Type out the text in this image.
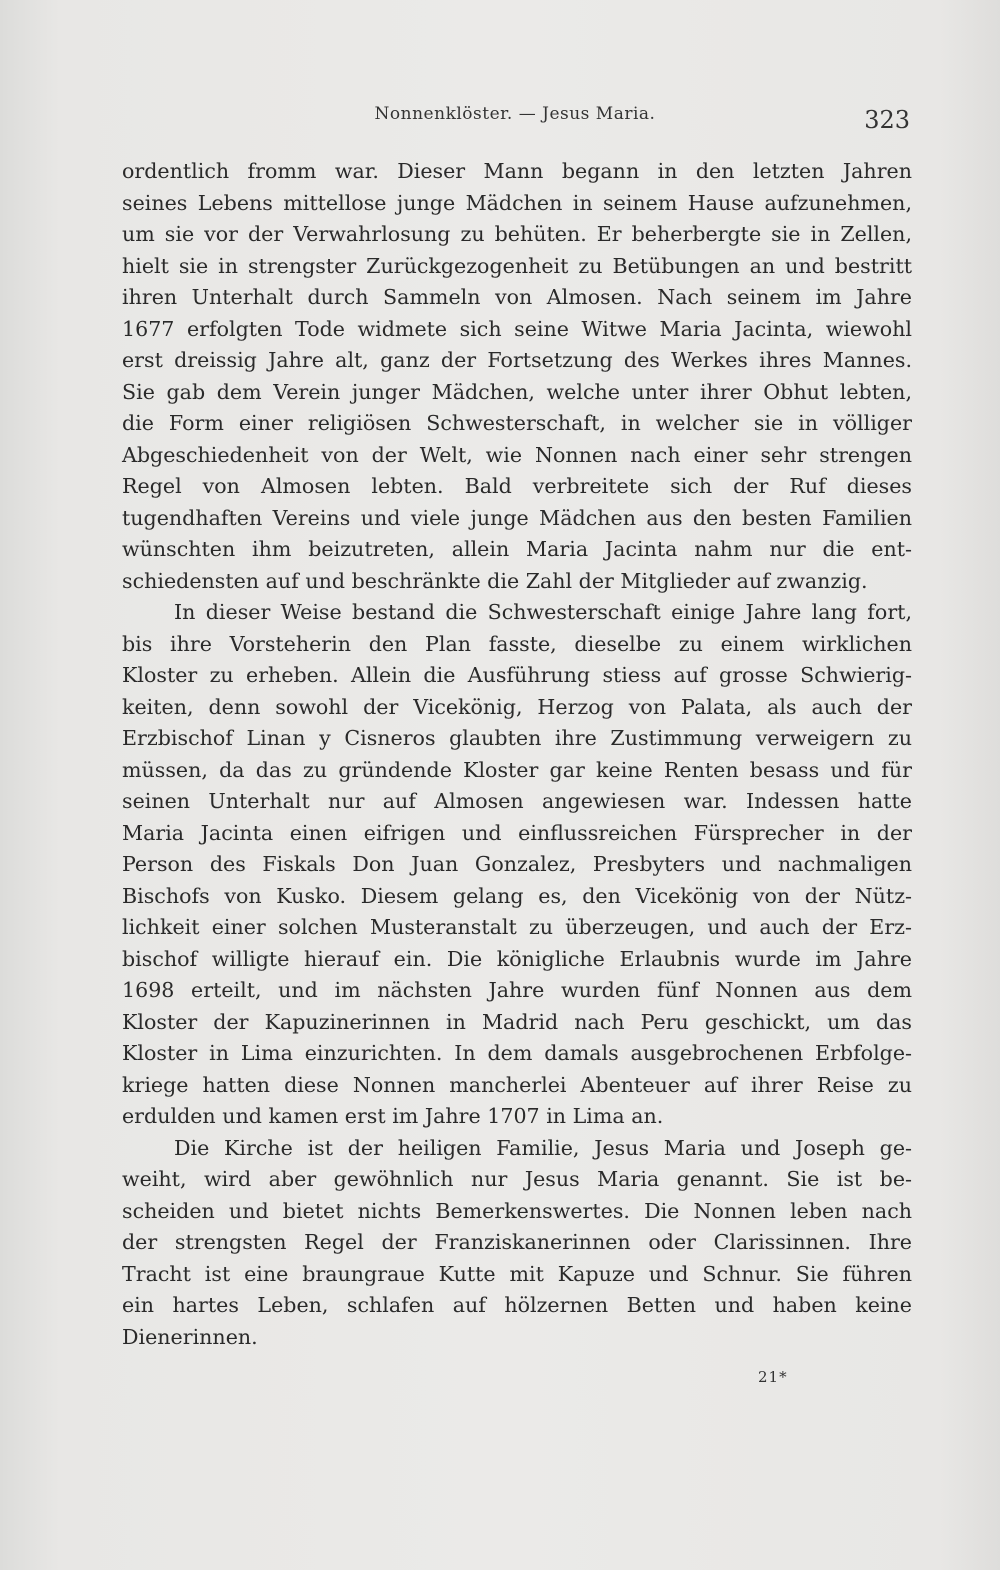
Nonnenklöster. — Jesus Maria.	323
ordentlich fromm war. Dieser Mann begann in den letzten Jahren
seines Lebens mittellose junge Mädchen in seinem Hause aufzunehmen,
um sie vor der Verwahrlosung zu behüten. Er beherbergte sie in Zellen,
hielt sie in strengster Zurückgezogenheit zu Betübungen an und bestritt
ihren Unterhalt durch Sammeln von Almosen. Nach seinem im Jahre
1677 erfolgten Tode widmete sich seine Witwe Maria Jacinta, wiewohl
erst dreissig Jahre alt, ganz der Fortsetzung des Werkes ihres Mannes.
Sie gab dem Verein junger Mädchen, welche unter ihrer Obhut lebten,
die Form einer religiösen Schwesterschaft, in welcher sie in völliger
Abgeschiedenheit von der Welt, wie Nonnen nach einer sehr strengen
Regel von Almosen lebten. Bald verbreitete sich der Ruf dieses
tugendhaften Vereins und viele junge Mädchen aus den besten Familien
wünschten ihm beizutreten, allein Maria Jacinta nahm nur die ent-
schiedensten auf und beschränkte die Zahl der Mitglieder auf zwanzig.
In dieser Weise bestand die Schwesterschaft einige Jahre lang fort,
bis ihre Vorsteherin den Plan fasste, dieselbe zu einem wirklichen
Kloster zu erheben. Allein die Ausführung stiess auf grosse Schwierig-
keiten, denn sowohl der Vicekönig, Herzog von Palata, als auch der
Erzbischof Linan y Cisneros glaubten ihre Zustimmung verweigern zu
müssen, da das zu gründende Kloster gar keine Renten besass und für
seinen Unterhalt nur auf Almosen angewiesen war. Indessen hatte
Maria Jacinta einen eifrigen und einflussreichen Fürsprecher in der
Person des Fiskals Don Juan Gonzalez, Presbyters und nachmaligen
Bischofs von Kusko. Diesem gelang es, den Vicekönig von der Nütz-
lichkeit einer solchen Musteranstalt zu überzeugen, und auch der Erz-
bischof willigte hierauf ein. Die königliche Erlaubnis wurde im Jahre
1698 erteilt, und im nächsten Jahre wurden fünf Nonnen aus dem
Kloster der Kapuzinerinnen in Madrid nach Peru geschickt, um das
Kloster in Lima einzurichten. In dem damals ausgebrochenen Erbfolge-
kriege hatten diese Nonnen mancherlei Abenteuer auf ihrer Reise zu
erdulden und kamen erst im Jahre 1707 in Lima an.
Die Kirche ist der heiligen Familie, Jesus Maria und Joseph ge-
weiht, wird aber gewöhnlich nur Jesus Maria genannt. Sie ist be-
scheiden und bietet nichts Bemerkenswertes. Die Nonnen leben nach
der strengsten Regel der Franziskanerinnen oder Clarissinnen. Ihre
Tracht ist eine braungraue Kutte mit Kapuze und Schnur. Sie führen
ein hartes Leben, schlafen auf hölzernen Betten und haben keine
Dienerinnen.
21*
